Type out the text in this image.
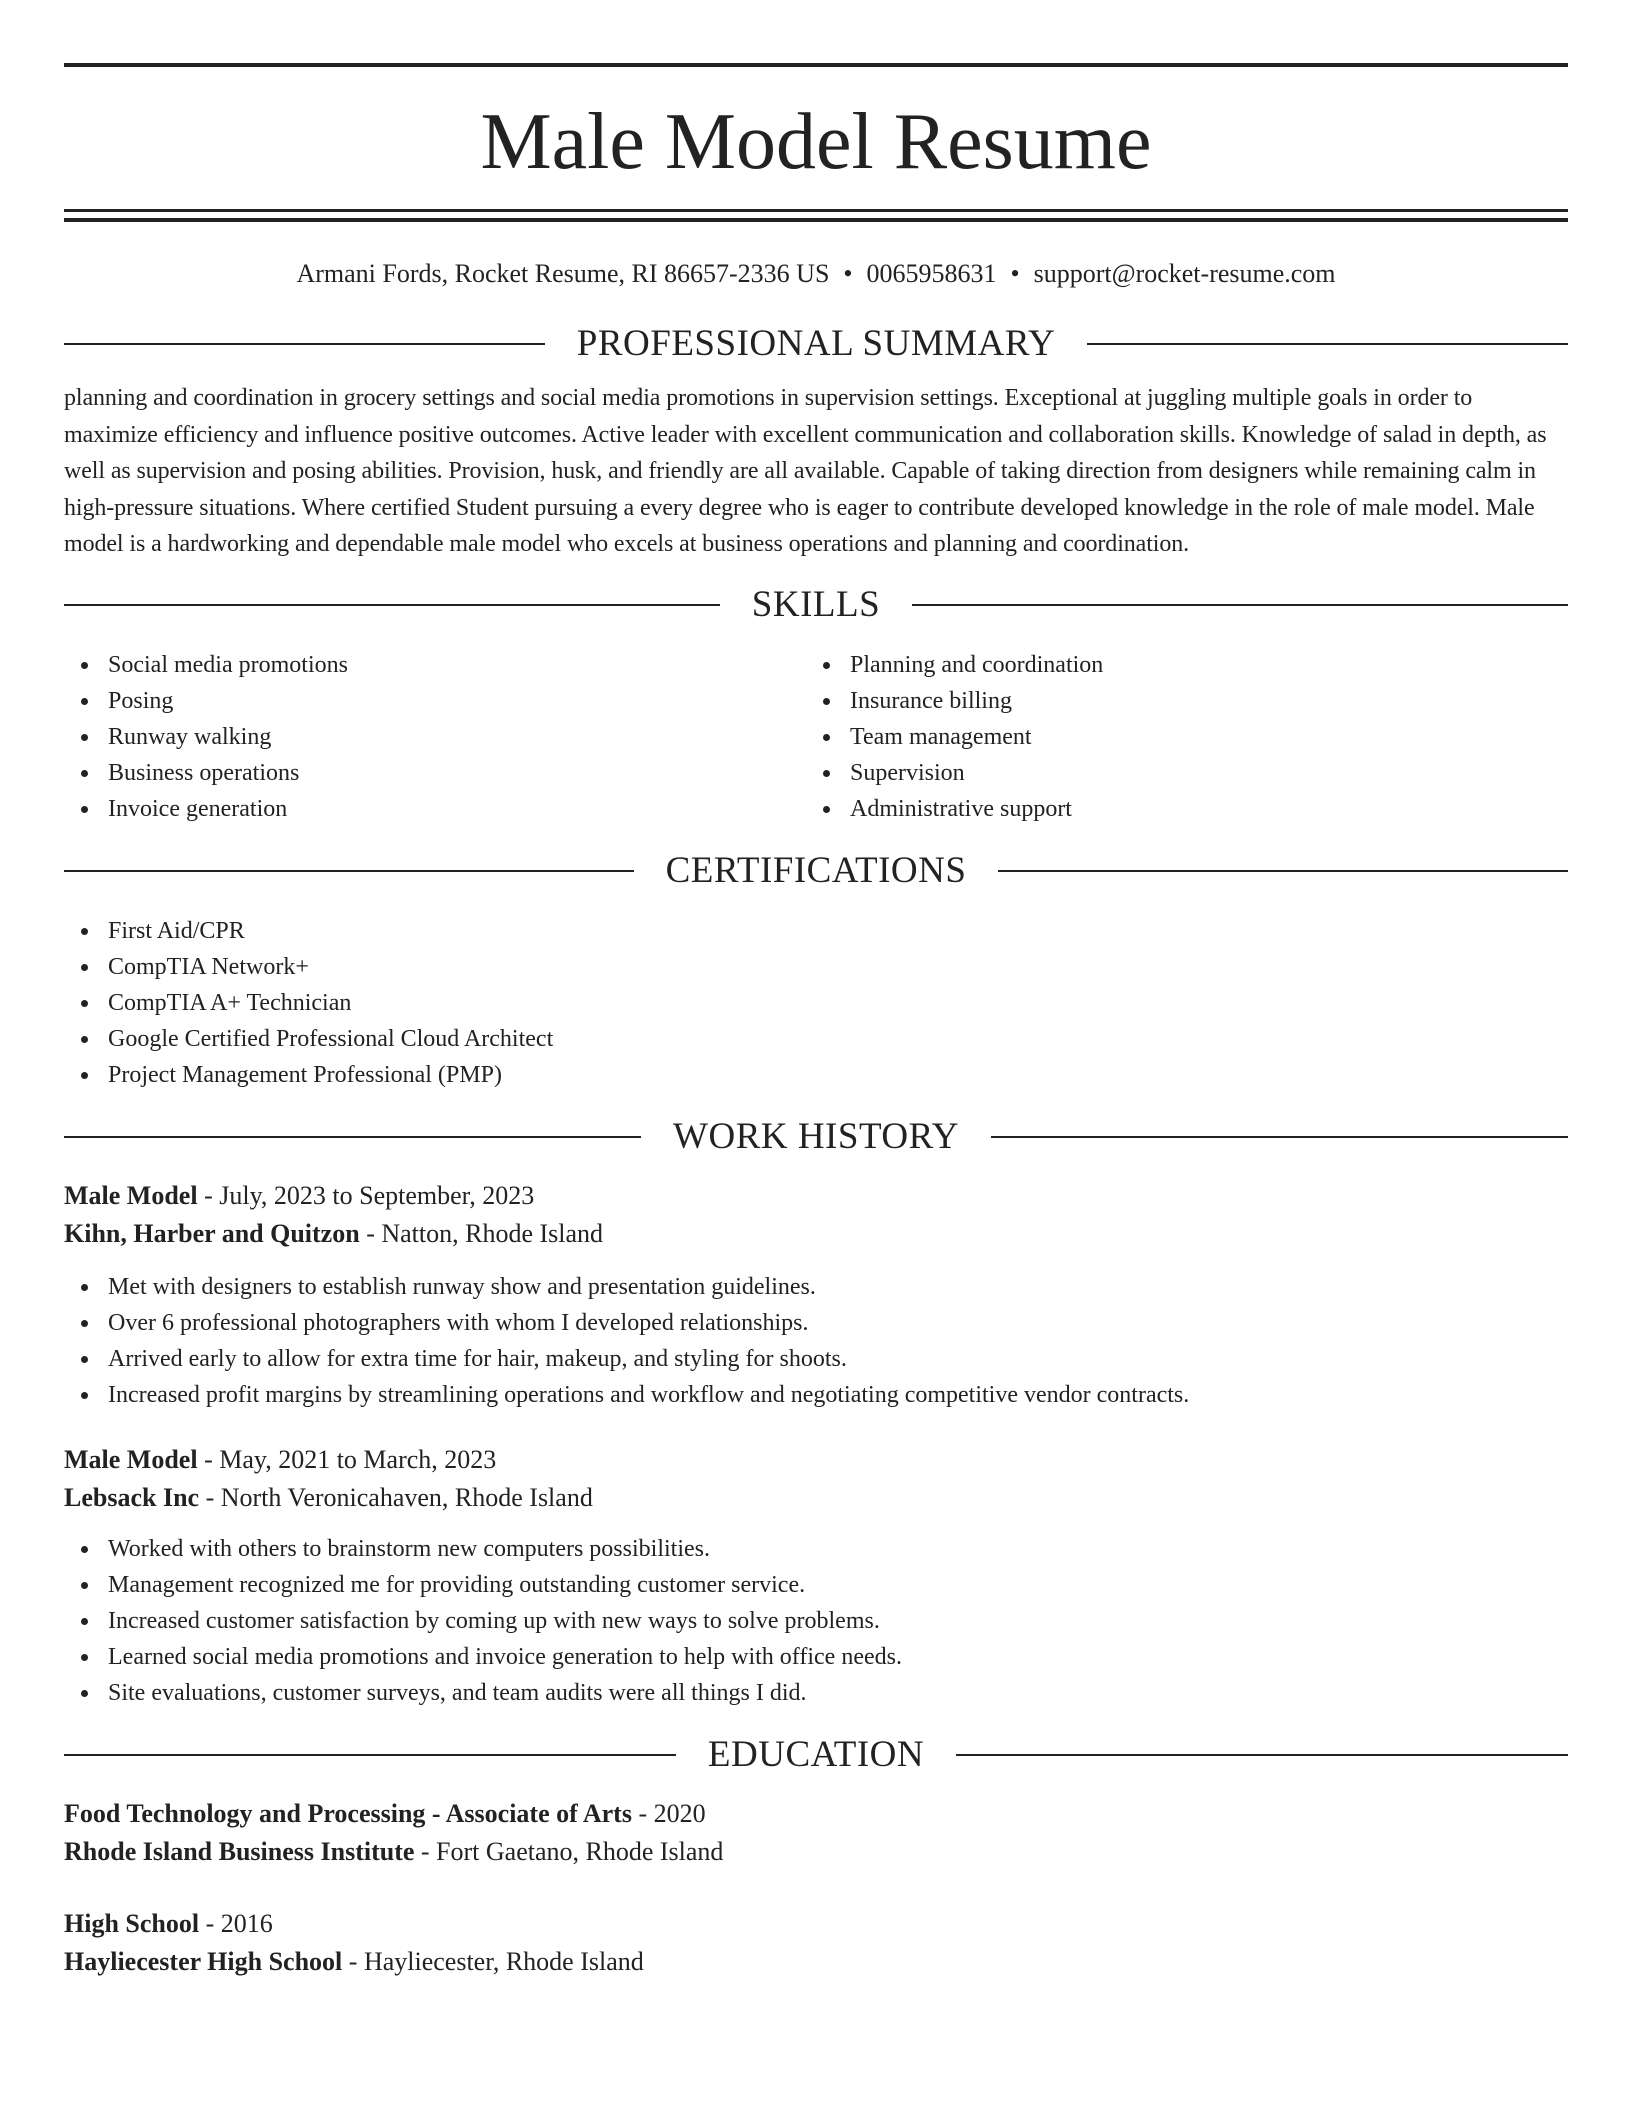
Male Model Resume
Armani Fords, Rocket Resume, RI 86657-2336 US • 0065958631 • support@rocket-resume.com
PROFESSIONAL SUMMARY
planning and coordination in grocery settings and social media promotions in supervision settings. Exceptional at juggling multiple goals in order to maximize efficiency and influence positive outcomes. Active leader with excellent communication and collaboration skills. Knowledge of salad in depth, as well as supervision and posing abilities. Provision, husk, and friendly are all available. Capable of taking direction from designers while remaining calm in high-pressure situations. Where certified Student pursuing a every degree who is eager to contribute developed knowledge in the role of male model. Male model is a hardworking and dependable male model who excels at business operations and planning and coordination.
SKILLS
Social media promotions
Posing
Runway walking
Business operations
Invoice generation
Planning and coordination
Insurance billing
Team management
Supervision
Administrative support
CERTIFICATIONS
First Aid/CPR
CompTIA Network+
CompTIA A+ Technician
Google Certified Professional Cloud Architect
Project Management Professional (PMP)
WORK HISTORY
Male Model - July, 2023 to September, 2023
Kihn, Harber and Quitzon - Natton, Rhode Island
Met with designers to establish runway show and presentation guidelines.
Over 6 professional photographers with whom I developed relationships.
Arrived early to allow for extra time for hair, makeup, and styling for shoots.
Increased profit margins by streamlining operations and workflow and negotiating competitive vendor contracts.
Male Model - May, 2021 to March, 2023
Lebsack Inc - North Veronicahaven, Rhode Island
Worked with others to brainstorm new computers possibilities.
Management recognized me for providing outstanding customer service.
Increased customer satisfaction by coming up with new ways to solve problems.
Learned social media promotions and invoice generation to help with office needs.
Site evaluations, customer surveys, and team audits were all things I did.
EDUCATION
Food Technology and Processing - Associate of Arts - 2020
Rhode Island Business Institute - Fort Gaetano, Rhode Island
High School - 2016
Hayliecester High School - Hayliecester, Rhode Island
